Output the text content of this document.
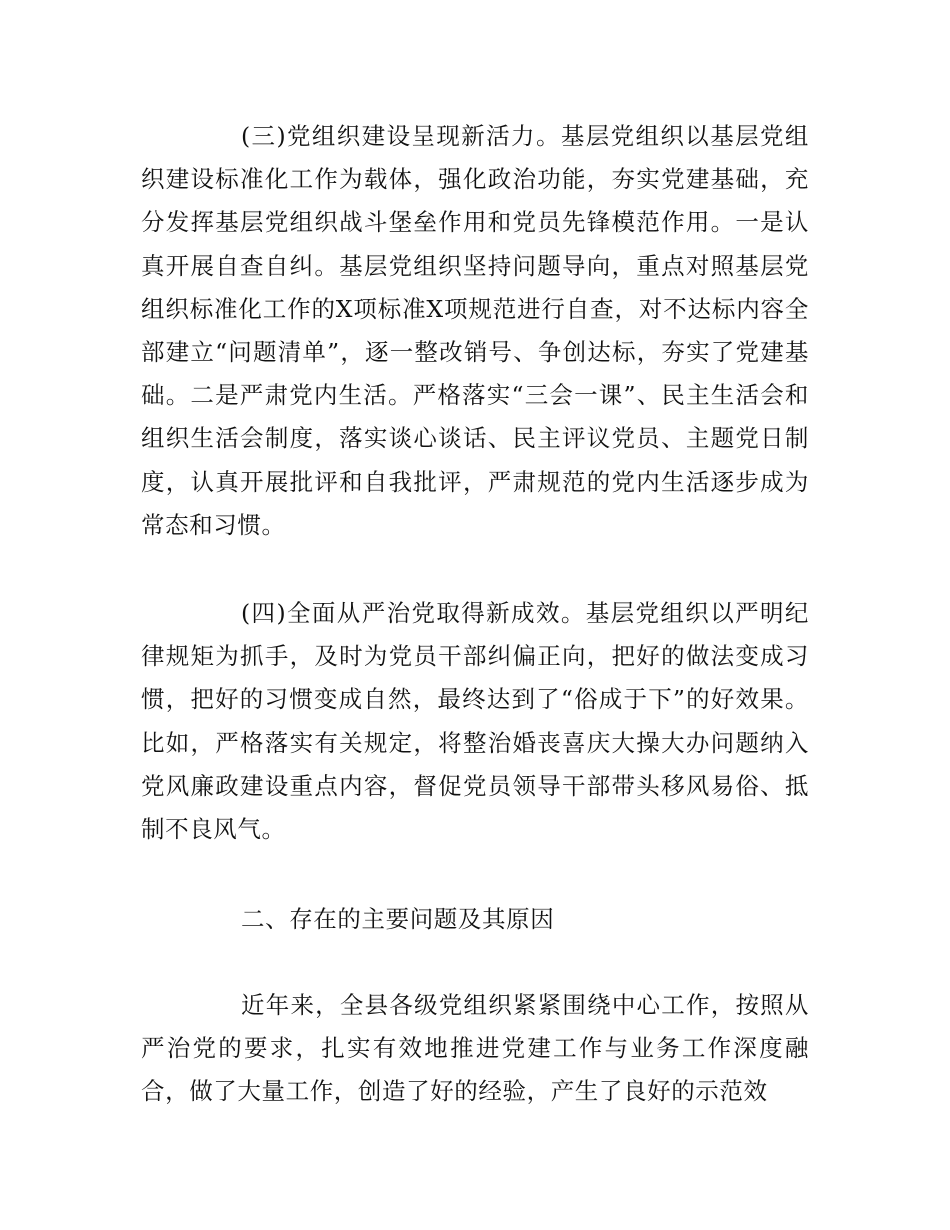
(三)党组织建设呈现新活力。基层党组织以基层党组织建设标准化工作为载体，强化政治功能，夯实党建基础，充分发挥基层党组织战斗堡垒作用和党员先锋模范作用。一是认真开展自查自纠。基层党组织坚持问题导向，重点对照基层党组织标准化工作的X项标准X项规范进行自查，对不达标内容全部建立“问题清单”，逐一整改销号、争创达标，夯实了党建基础。二是严肃党内生活。严格落实“三会一课”、民主生活会和组织生活会制度，落实谈心谈话、民主评议党员、主题党日制度，认真开展批评和自我批评，严肃规范的党内生活逐步成为常态和习惯。

(四)全面从严治党取得新成效。基层党组织以严明纪律规矩为抓手，及时为党员干部纠偏正向，把好的做法变成习惯，把好的习惯变成自然，最终达到了“俗成于下”的好效果。比如，严格落实有关规定，将整治婚丧喜庆大操大办问题纳入党风廉政建设重点内容，督促党员领导干部带头移风易俗、抵制不良风气。

二、存在的主要问题及其原因

近年来，全县各级党组织紧紧围绕中心工作，按照从严治党的要求，扎实有效地推进党建工作与业务工作深度融合，做了大量工作，创造了好的经验，产生了良好的示范效
